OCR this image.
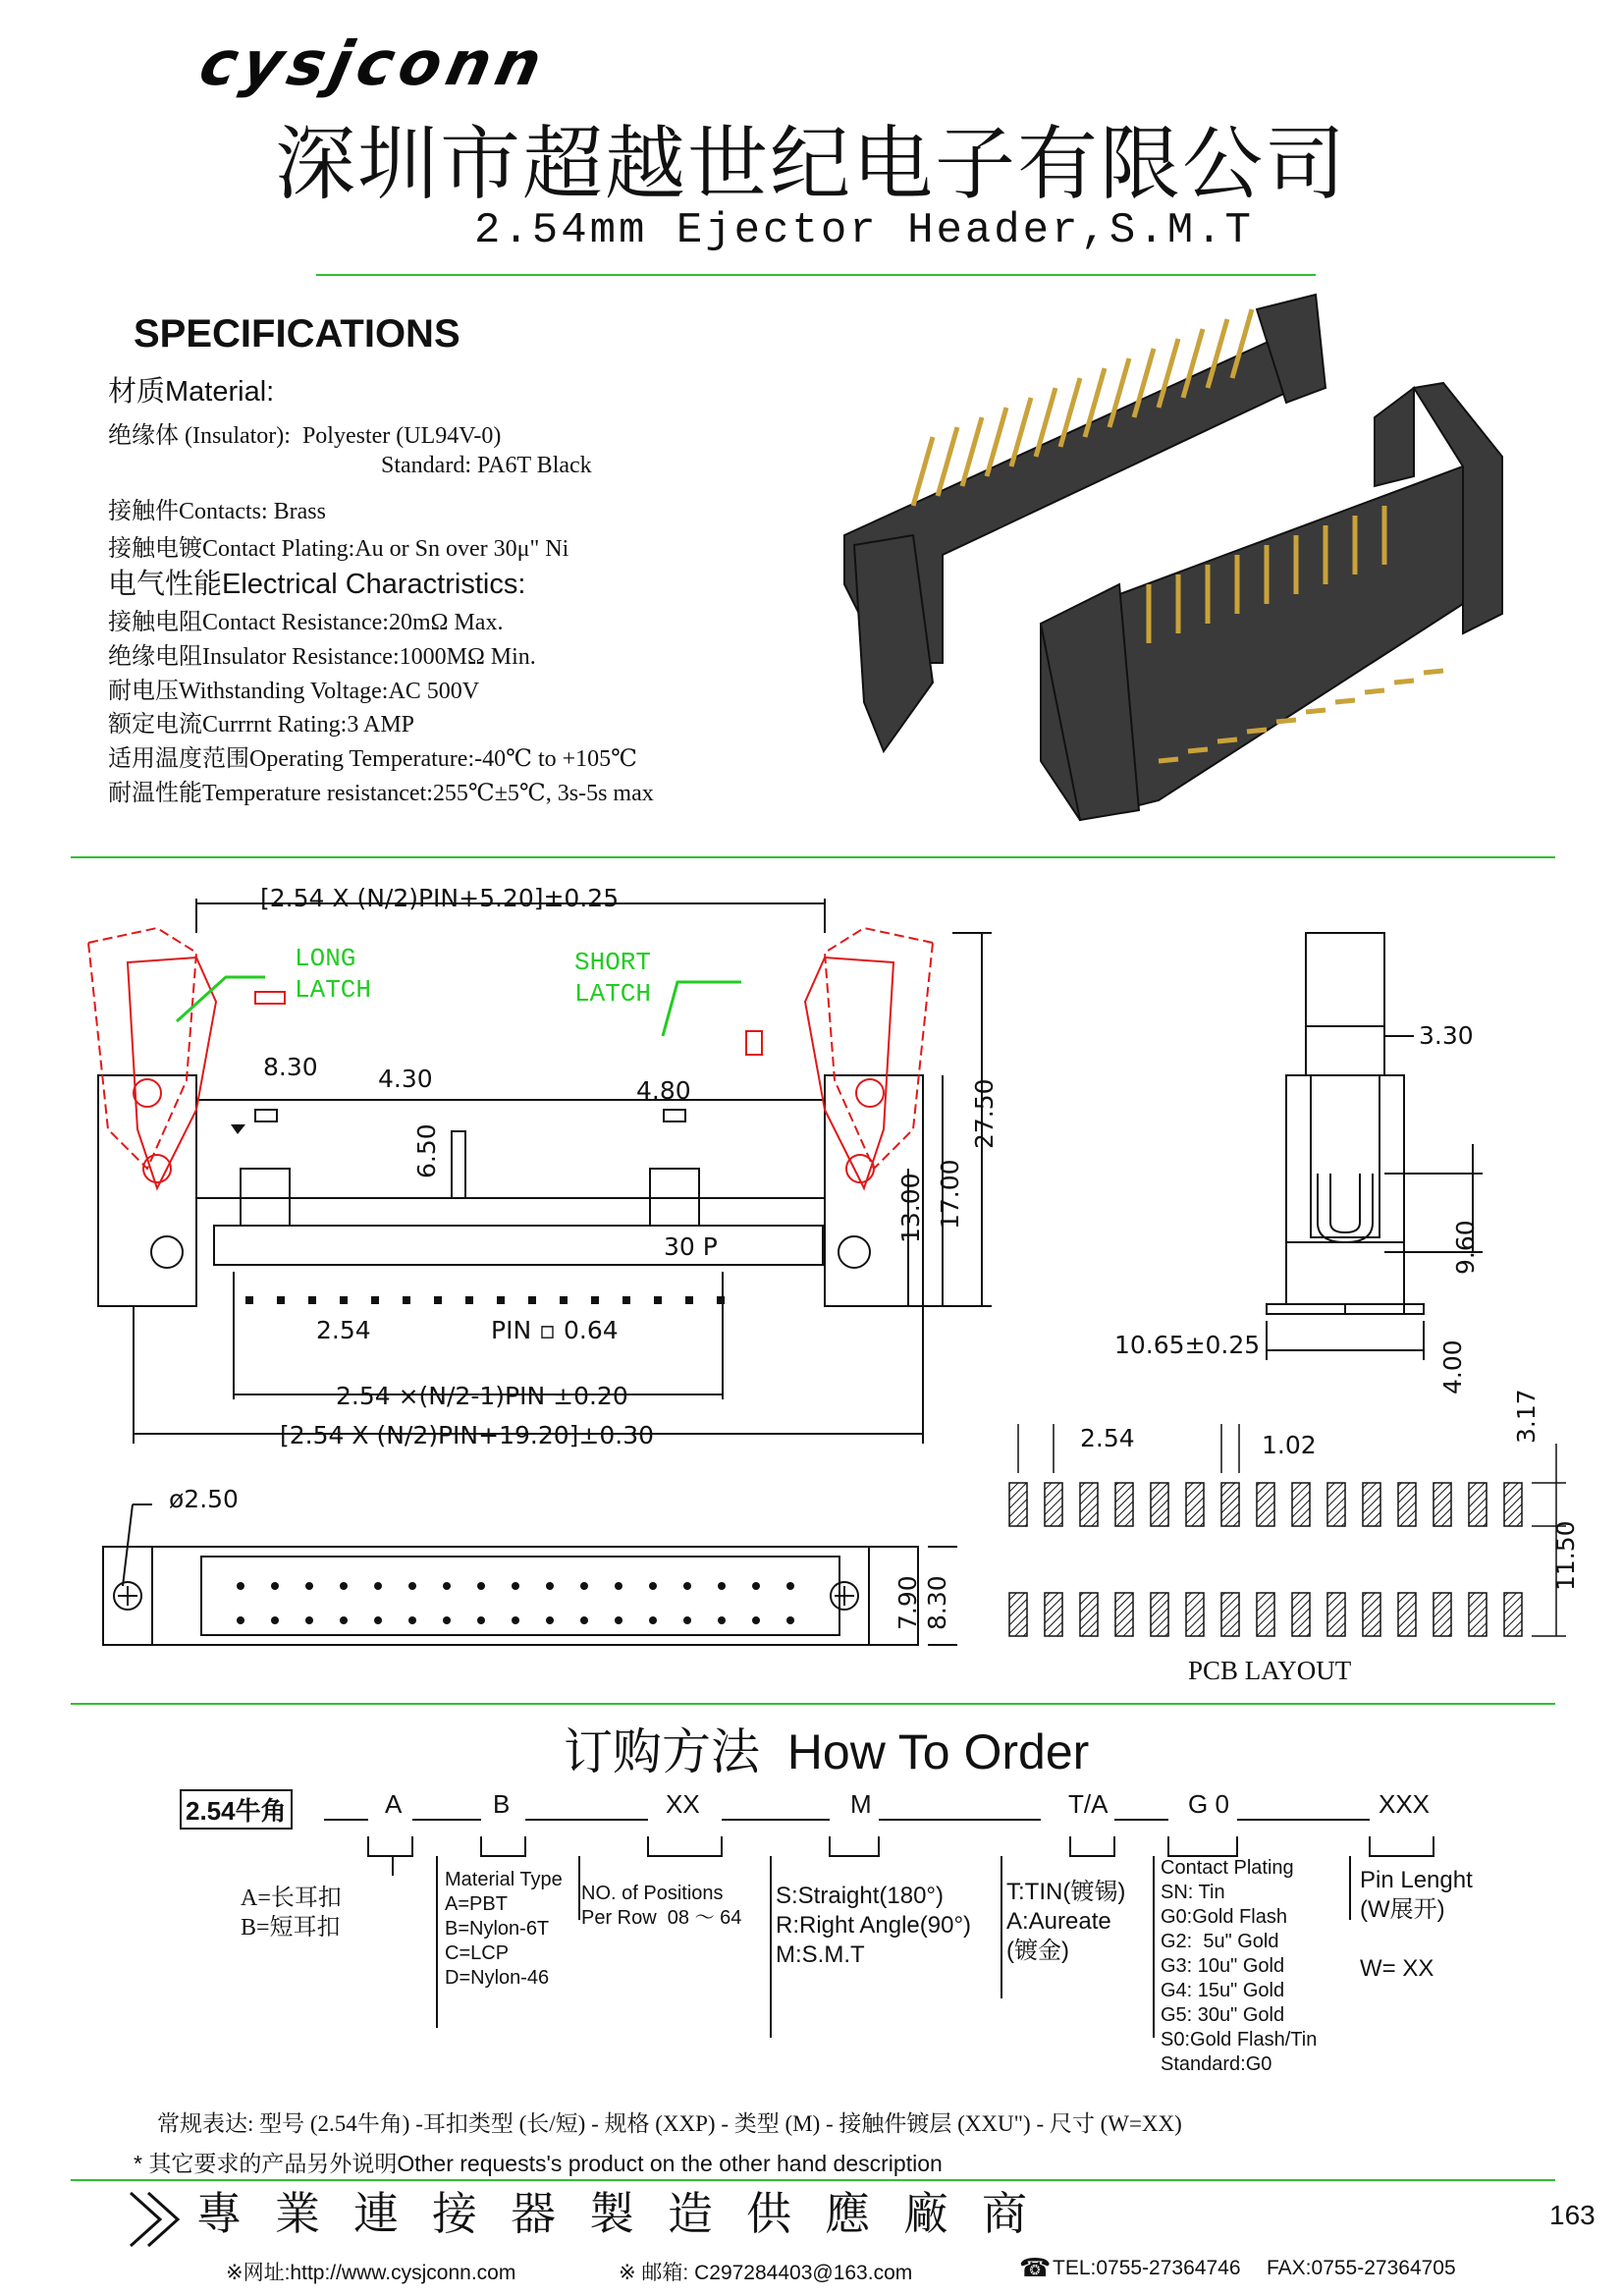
cysjconn
深圳市超越世纪电子有限公司
2.54mm Ejector Header,S.M.T
SPECIFICATIONS
材质Material:
绝缘体 (Insulator):  Polyester (UL94V-0)
Standard: PA6T Black
接触件Contacts: Brass
接触电镀Contact Plating:Au or Sn over 30μ" Ni
电气性能Electrical Charactristics:
接触电阻Contact Resistance:20mΩ Max.
绝缘电阻Insulator Resistance:1000MΩ Min.
耐电压Withstanding Voltage:AC 500V
额定电流Currrnt Rating:3 AMP
适用温度范围Operating Temperature:-40℃ to +105℃
耐温性能Temperature resistancet:255℃±5℃, 3s-5s max
[2.54 X (N/2)PIN+5.20]±0.25
LONG
LATCH
SHORT
LATCH
8.30 4.30	4.80
6.50
27.50
17.00
13.00
30 P
2.54	PIN ▫ 0.64
2.54 ×(N/2-1)PIN ±0.20
[2.54 X (N/2)PIN+19.20]±0.30
3.30
9.60
10.65±0.25	4.00
ø2.50
7.90 8.30
2.54	1.02
3.17
11.50
PCB LAYOUT
订购方法 How To Order
2.54牛角	A	B	XX	M	T/A	G 0	XXX
A=长耳扣
B=短耳扣
Material Type
A=PBT
B=Nylon-6T
C=LCP
D=Nylon-46
NO. of Positions
Per Row  08 ～ 64
S:Straight(180°)
R:Right Angle(90°)
M:S.M.T
T:TIN(镀锡)
A:Aureate
(镀金)
Contact Plating
SN: Tin
G0:Gold Flash
G2:  5u" Gold
G3: 10u" Gold
G4: 15u" Gold
G5: 30u" Gold
S0:Gold Flash/Tin
Standard:G0
Pin Lenght
(W展开)

W= XX
常规表达: 型号 (2.54牛角) -耳扣类型 (长/短) - 规格 (XXP) - 类型 (M) - 接触件镀层 (XXU") - 尺寸 (W=XX)
* 其它要求的产品另外说明Other requests's product on the other hand description
專業連接器製造供應廠商	163
※网址:http://www.cysjconn.com	※ 邮箱: C297284403@163.com	☎ TEL:0755-27364746 FAX:0755-27364705
